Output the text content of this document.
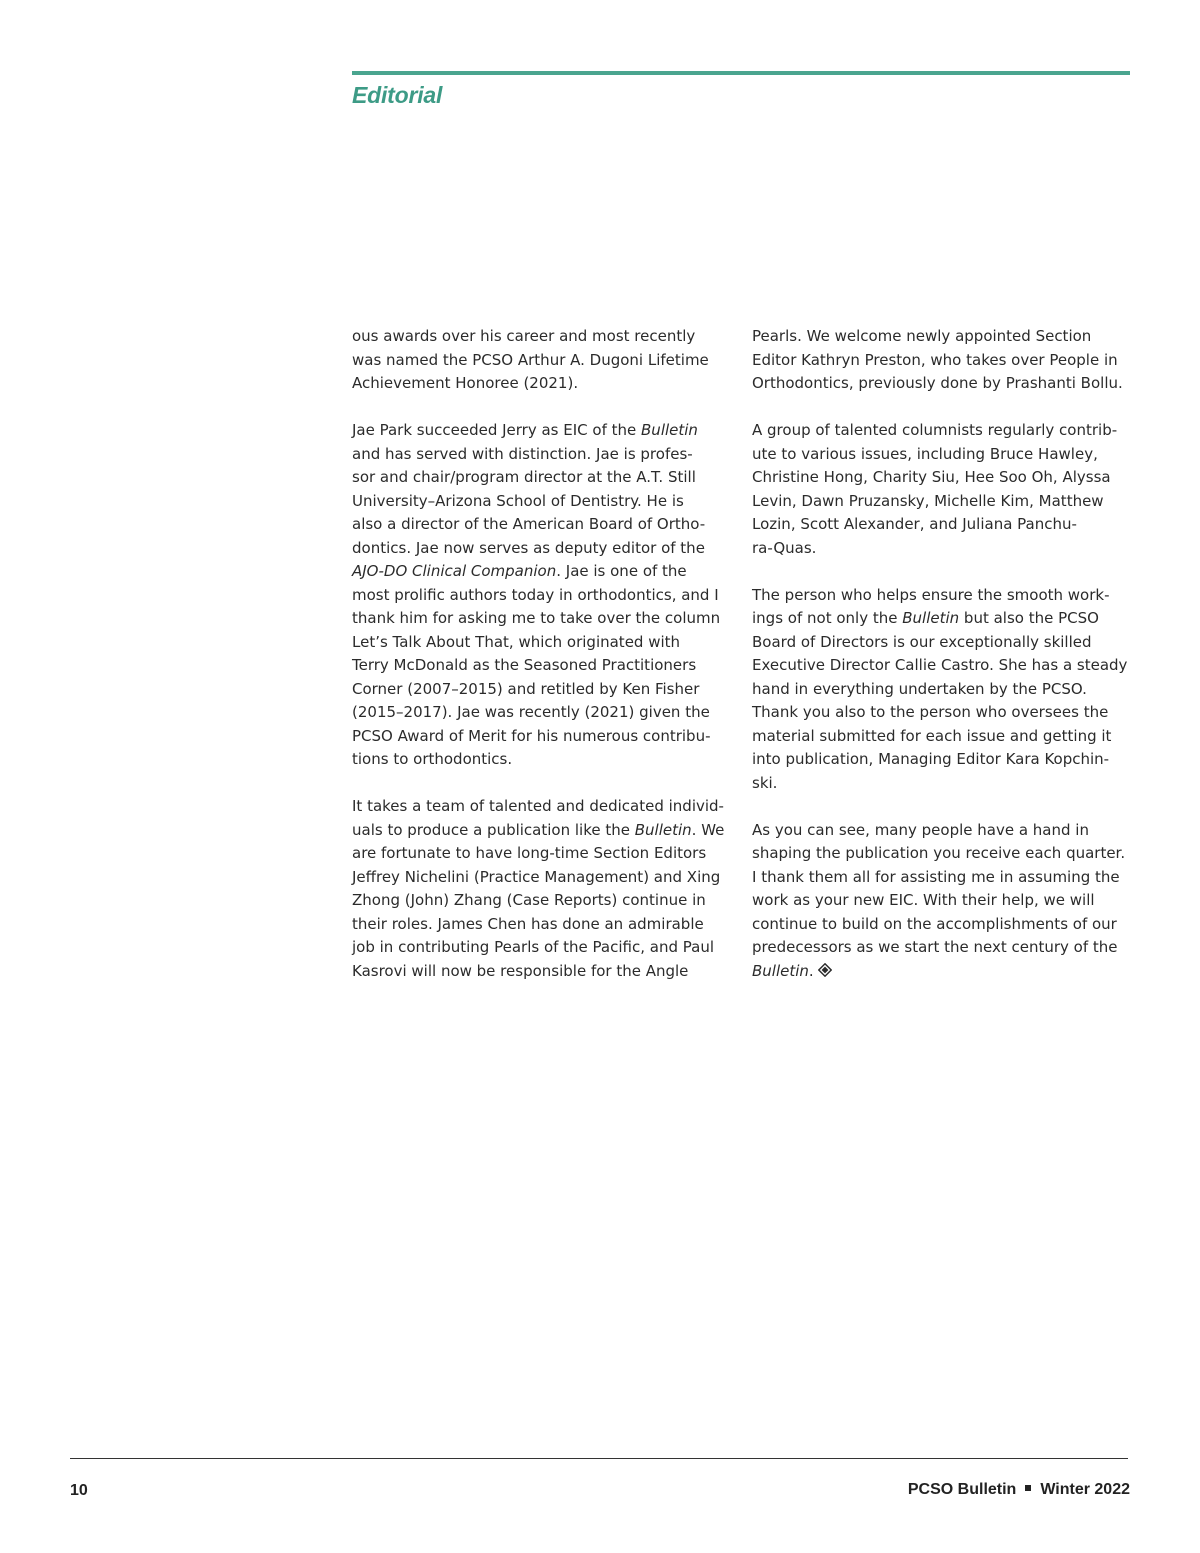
Editorial

ous awards over his career and most recently
was named the PCSO Arthur A. Dugoni Lifetime
Achievement Honoree (2021).

Jae Park succeeded Jerry as EIC of the Bulletin
and has served with distinction. Jae is profes-
sor and chair/program director at the A.T. Still
University–Arizona School of Dentistry. He is
also a director of the American Board of Ortho-
dontics. Jae now serves as deputy editor of the
AJO-DO Clinical Companion. Jae is one of the
most prolific authors today in orthodontics, and I
thank him for asking me to take over the column
Let’s Talk About That, which originated with
Terry McDonald as the Seasoned Practitioners
Corner (2007–2015) and retitled by Ken Fisher
(2015–2017). Jae was recently (2021) given the
PCSO Award of Merit for his numerous contribu-
tions to orthodontics.

It takes a team of talented and dedicated individ-
uals to produce a publication like the Bulletin. We
are fortunate to have long-time Section Editors
Jeffrey Nichelini (Practice Management) and Xing
Zhong (John) Zhang (Case Reports) continue in
their roles. James Chen has done an admirable
job in contributing Pearls of the Pacific, and Paul
Kasrovi will now be responsible for the Angle

Pearls. We welcome newly appointed Section
Editor Kathryn Preston, who takes over People in
Orthodontics, previously done by Prashanti Bollu.

A group of talented columnists regularly contrib-
ute to various issues, including Bruce Hawley,
Christine Hong, Charity Siu, Hee Soo Oh, Alyssa
Levin, Dawn Pruzansky, Michelle Kim, Matthew
Lozin, Scott Alexander, and Juliana Panchu-
ra-Quas.

The person who helps ensure the smooth work-
ings of not only the Bulletin but also the PCSO
Board of Directors is our exceptionally skilled
Executive Director Callie Castro. She has a steady
hand in everything undertaken by the PCSO.
Thank you also to the person who oversees the
material submitted for each issue and getting it
into publication, Managing Editor Kara Kopchin-
ski.

As you can see, many people have a hand in
shaping the publication you receive each quarter.
I thank them all for assisting me in assuming the
work as your new EIC. With their help, we will
continue to build on the accomplishments of our
predecessors as we start the next century of the
Bulletin.

10	PCSO Bulletin Winter 2022
